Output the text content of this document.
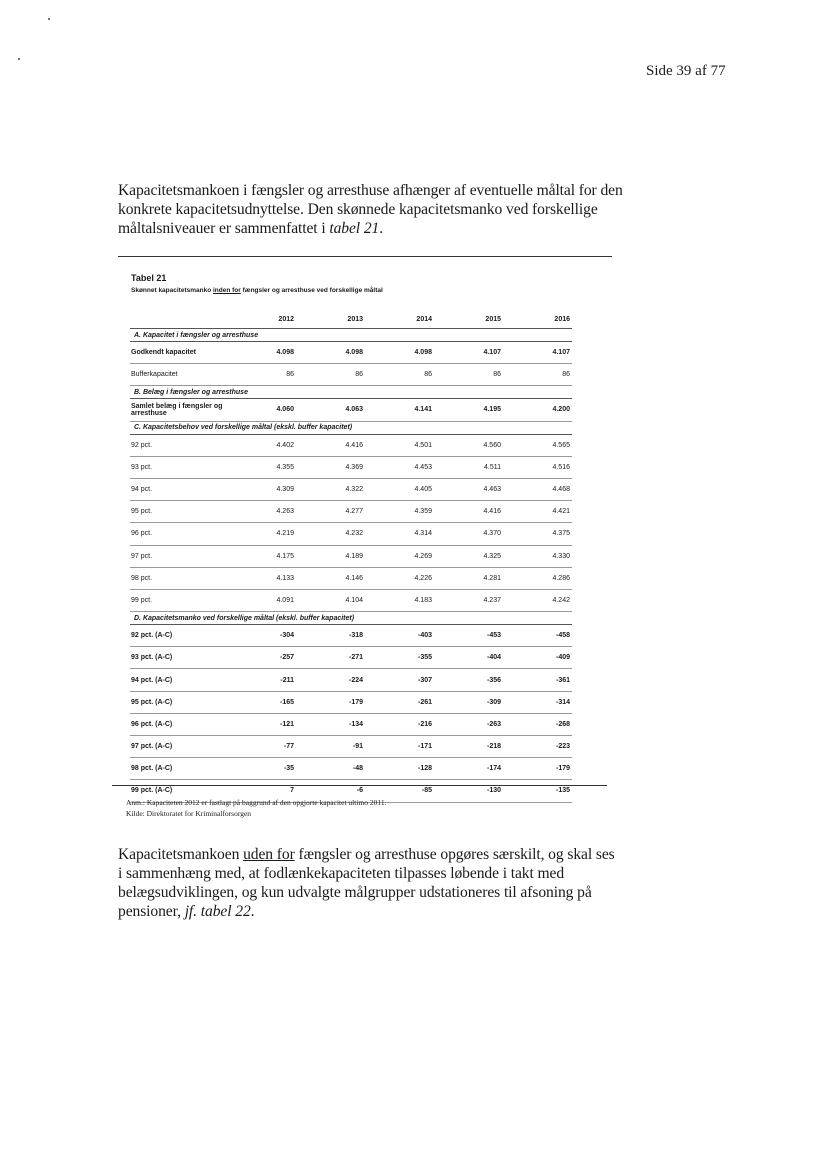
Side 39 af 77

Kapacitetsmankoen i fængsler og arresthuse afhænger af eventuelle måltal for den konkrete kapacitetsudnyttelse. Den skønnede kapacitetsmanko ved forskellige måltalsniveauer er sammenfattet i tabel 21.

Tabel 21
Skønnet kapacitetsmanko inden for fængsler og arresthuse ved forskellige måltal
	2012	2013	2014	2015	2016
A. Kapacitet i fængsler og arresthuse					
Godkendt kapacitet	4.098	4.098	4.098	4.107	4.107
Bufferkapacitet	86	86	86	86	86
B. Belæg i fængsler og arresthuse					
Samlet belæg i fængsler og arresthuse	4.060	4.063	4.141	4.195	4.200
C. Kapacitetsbehov ved forskellige måltal (ekskl. buffer kapacitet)					
92 pct.	4.402	4.416	4.501	4.560	4.565
93 pct.	4.355	4.369	4.453	4.511	4.516
94 pct.	4.309	4.322	4.405	4.463	4.468
95 pct.	4.263	4.277	4.359	4.416	4.421
96 pct.	4.219	4.232	4.314	4.370	4.375
97 pct.	4.175	4.189	4.269	4.325	4.330
98 pct.	4.133	4.146	4.226	4.281	4.286
99 pct.	4.091	4.104	4.183	4.237	4.242
D. Kapacitetsmanko ved forskellige måltal (ekskl. buffer kapacitet)					
92 pct. (A-C)	-304	-318	-403	-453	-458
93 pct. (A-C)	-257	-271	-355	-404	-409
94 pct. (A-C)	-211	-224	-307	-356	-361
95 pct. (A-C)	-165	-179	-261	-309	-314
96 pct. (A-C)	-121	-134	-216	-263	-268
97 pct. (A-C)	-77	-91	-171	-218	-223
98 pct. (A-C)	-35	-48	-128	-174	-179
99 pct. (A-C)	7	-6	-85	-130	-135
Anm.: Kapaciteten 2012 er fastlagt på baggrund af den opgjorte kapacitet ultimo 2011.
Kilde: Direktoratet for Kriminalforsorgen

Kapacitetsmankoen uden for fængsler og arresthuse opgøres særskilt, og skal ses i sammenhæng med, at fodlænkekapaciteten tilpasses løbende i takt med belægsudviklingen, og kun udvalgte målgrupper udstationeres til afsoning på pensioner, jf. tabel 22.
